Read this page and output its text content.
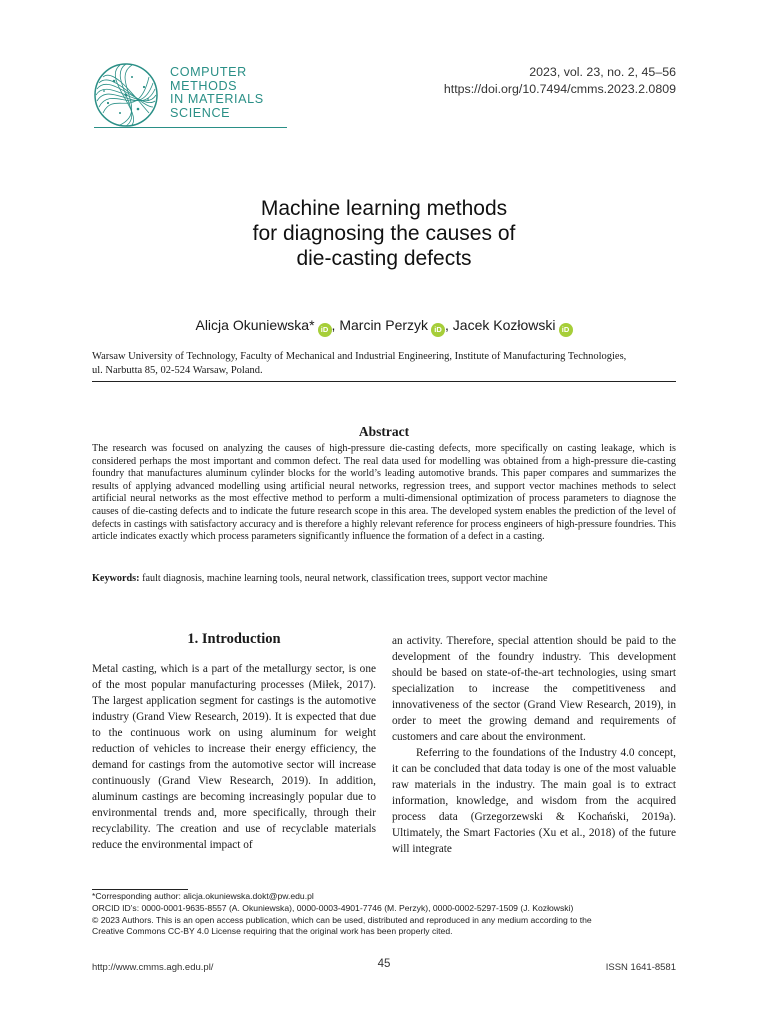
COMPUTER
METHODS
IN MATERIALS
SCIENCE
2023, vol. 23, no. 2, 45–56
https://doi.org/10.7494/cmms.2023.2.0809
Machine learning methods
for diagnosing the causes of
die-casting defects
Alicja Okuniewska* iD , Marcin Perzyk iD , Jacek Kozłowski iD
Warsaw University of Technology, Faculty of Mechanical and Industrial Engineering, Institute of Manufacturing Technologies,
ul. Narbutta 85, 02-524 Warsaw, Poland.
Abstract
The research was focused on analyzing the causes of high-pressure die-casting defects, more specifically on casting leakage, which is considered perhaps the most important and common defect. The real data used for modelling was obtained from a high-pressure die-casting foundry that manufactures aluminum cylinder blocks for the world’s leading automotive brands. This paper compares and summarizes the results of applying advanced modelling using artificial neural networks, regression trees, and support vector machines methods to select artificial neural networks as the most effective method to perform a multi-dimensional optimization of process parameters to diagnose the causes of die-casting defects and to indicate the future research scope in this area. The developed system enables the prediction of the level of defects in castings with satisfactory accuracy and is therefore a highly relevant reference for process engineers of high-pressure foundries. This article indicates exactly which process parameters significantly influence the formation of a defect in a casting.
Keywords: fault diagnosis, machine learning tools, neural network, classification trees, support vector machine
1. Introduction

Metal casting, which is a part of the metallurgy sector, is one of the most popular manufacturing processes (Miłek, 2017). The largest application segment for castings is the automotive industry (Grand View Research, 2019). It is expected that due to the continuous work on using aluminum for weight reduction of vehicles to increase their energy efficiency, the demand for castings from the automotive sector will increase continuously (Grand View Research, 2019). In addition, aluminum castings are becoming increasingly popular due to environmental trends and, more specifically, through their recyclability. The creation and use of recyclable materials reduce the environmental impact of

an activity. Therefore, special attention should be paid to the development of the foundry industry. This development should be based on state-of-the-art technologies, using smart specialization to increase the competitiveness and innovativeness of the sector (Grand View Research, 2019), in order to meet the growing demand and requirements of customers and care about the environment.

Referring to the foundations of the Industry 4.0 concept, it can be concluded that data today is one of the most valuable raw materials in the industry. The main goal is to extract information, knowledge, and wisdom from the acquired process data (Grzegorzewski & Kochański, 2019a). Ultimately, the Smart Factories (Xu et al., 2018) of the future will integrate

*Corresponding author: alicja.okuniewska.dokt@pw.edu.pl
ORCID ID’s: 0000-0001-9635-8557 (A. Okuniewska), 0000-0003-4901-7746 (M. Perzyk), 0000-0002-5297-1509 (J. Kozłowski)
© 2023 Authors. This is an open access publication, which can be used, distributed and reproduced in any medium according to the
Creative Commons CC-BY 4.0 License requiring that the original work has been properly cited.
http://www.cmms.agh.edu.pl/	45	ISSN 1641-8581
